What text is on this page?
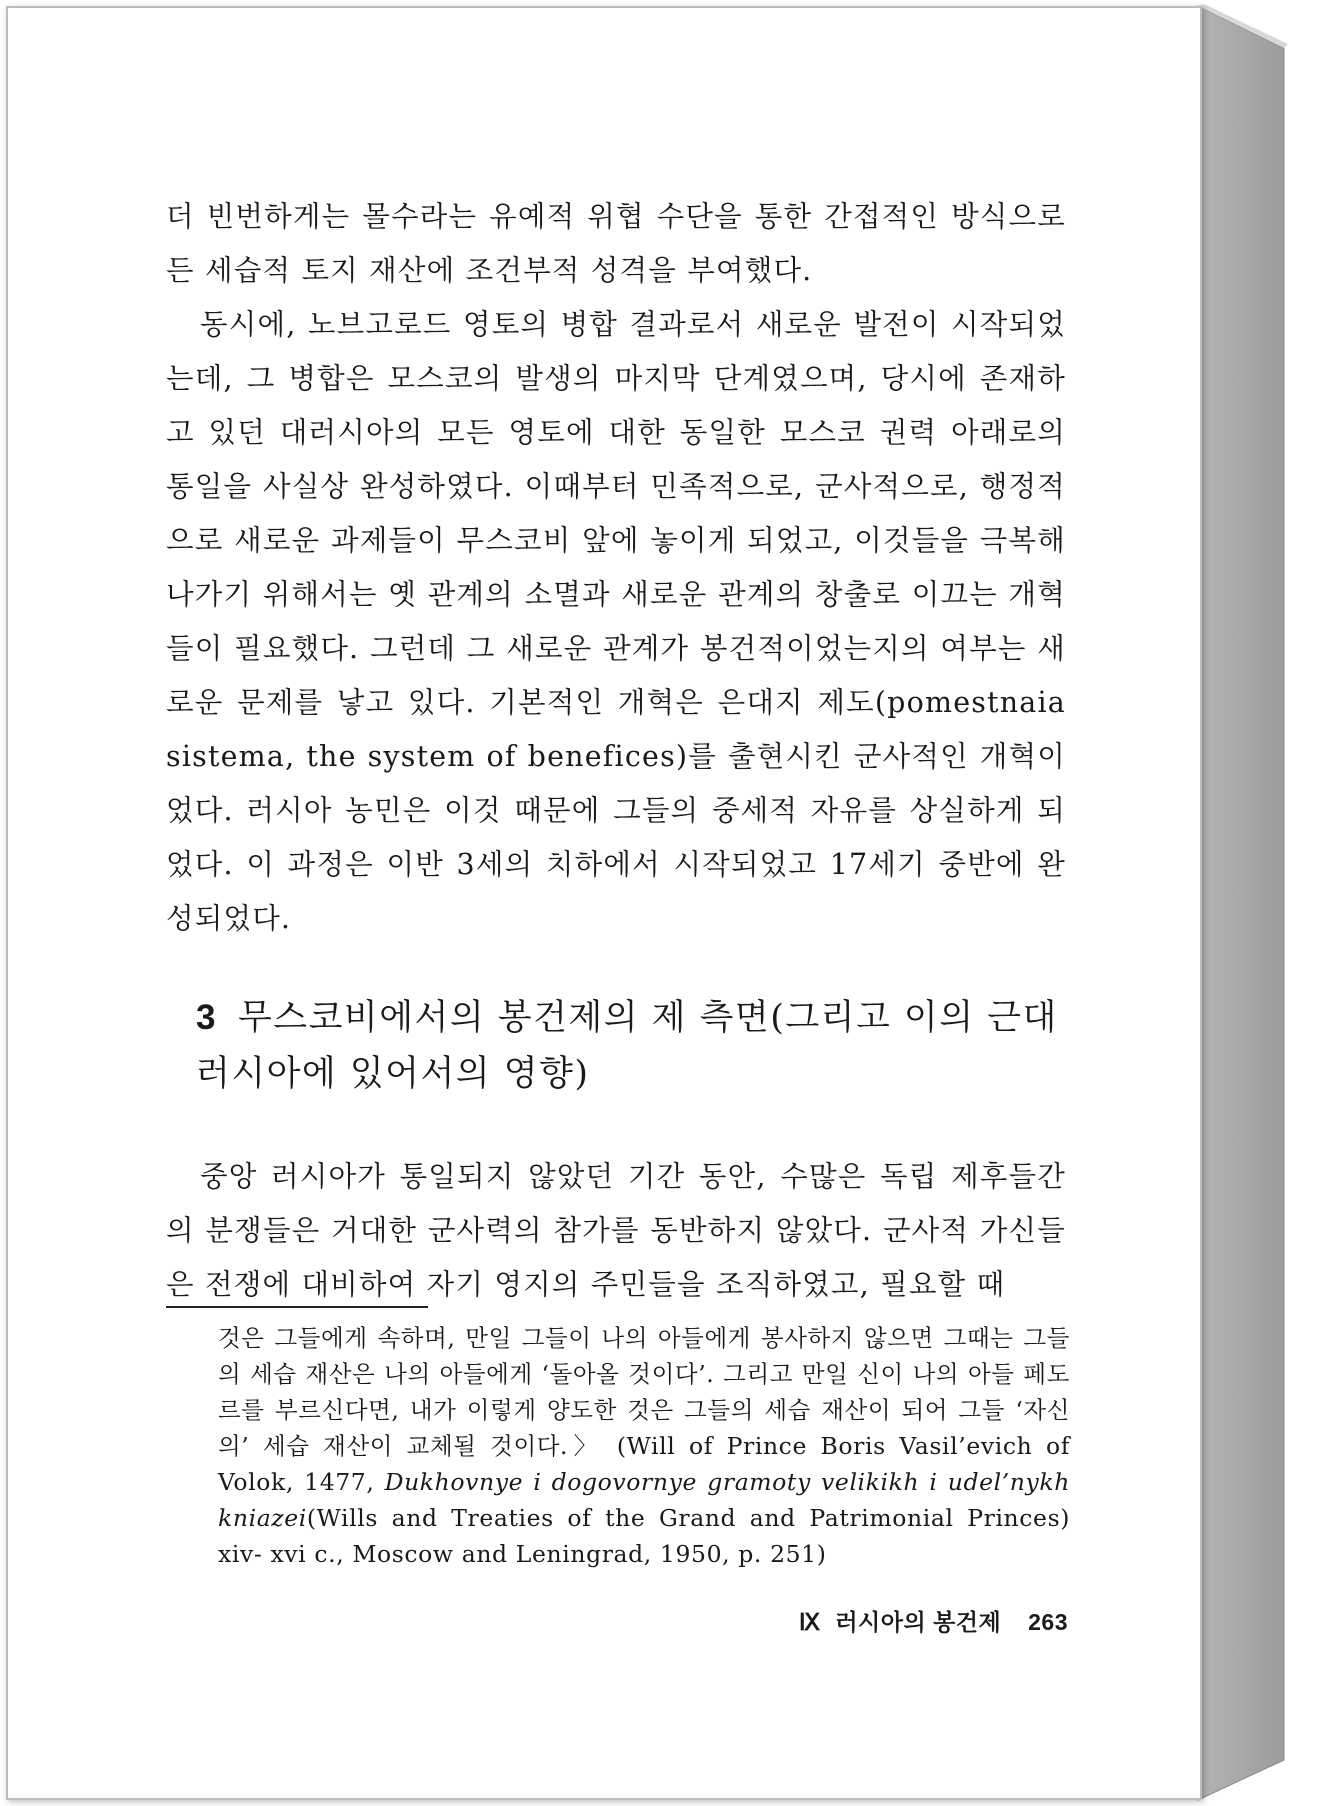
더 빈번하게는 몰수라는 유예적 위협 수단을 통한 간접적인 방식으로든 세습적 토지 재산에 조건부적 성격을 부여했다.

동시에, 노브고로드 영토의 병합 결과로서 새로운 발전이 시작되었는데, 그 병합은 모스코의 발생의 마지막 단계였으며, 당시에 존재하고 있던 대러시아의 모든 영토에 대한 동일한 모스코 권력 아래로의 통일을 사실상 완성하였다. 이때부터 민족적으로, 군사적으로, 행정적으로 새로운 과제들이 무스코비 앞에 놓이게 되었고, 이것들을 극복해 나가기 위해서는 옛 관계의 소멸과 새로운 관계의 창출로 이끄는 개혁들이 필요했다. 그런데 그 새로운 관계가 봉건적이었는지의 여부는 새로운 문제를 낳고 있다. 기본적인 개혁은 은대지 제도(pomestnaia sistema, the system of benefices)를 출현시킨 군사적인 개혁이었다. 러시아 농민은 이것 때문에 그들의 중세적 자유를 상실하게 되었다. 이 과정은 이반 3세의 치하에서 시작되었고 17세기 중반에 완성되었다.

3 무스코비에서의 봉건제의 제 측면(그리고 이의 근대 러시아에 있어서의 영향)

중앙 러시아가 통일되지 않았던 기간 동안, 수많은 독립 제후들간의 분쟁들은 거대한 군사력의 참가를 동반하지 않았다. 군사적 가신들은 전쟁에 대비하여 자기 영지의 주민들을 조직하였고, 필요할 때

것은 그들에게 속하며, 만일 그들이 나의 아들에게 봉사하지 않으면 그때는 그들의 세습 재산은 나의 아들에게 ‘돌아올 것이다’. 그리고 만일 신이 나의 아들 페도르를 부르신다면, 내가 이렇게 양도한 것은 그들의 세습 재산이 되어 그들 ‘자신의’ 세습 재산이 교체될 것이다.〉 (Will of Prince Boris Vasil’evich of Volok, 1477, Dukhovnye i dogovornye gramoty velikikh i udel’nykh kniazei(Wills and Treaties of the Grand and Patrimonial Princes) xiv- xvi c., Moscow and Leningrad, 1950, p. 251)
Ⅸ 러시아의 봉건제 263
